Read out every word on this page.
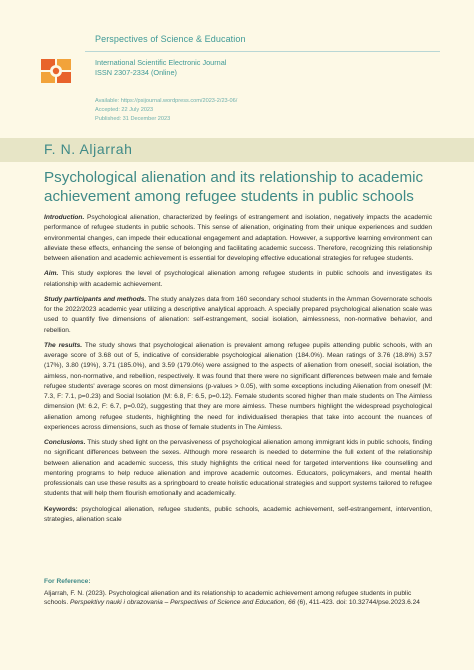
Perspectives of Science & Education
International Scientific Electronic Journal
ISSN 2307-2334 (Online)
Available: https://psijournal.wordpress.com/2023-2/23-06/
Accepted: 22 July 2023
Published: 31 December 2023
F. N. Aljarrah
Psychological alienation and its relationship to academic achievement among refugee students in public schools

Introduction. Psychological alienation, characterized by feelings of estrangement and isolation, negatively impacts the academic performance of refugee students in public schools. This sense of alienation, originating from their unique experiences and sudden environmental changes, can impede their educational engagement and adaptation. However, a supportive learning environment can alleviate these effects, enhancing the sense of belonging and facilitating academic success. Therefore, recognizing this relationship between alienation and academic achievement is essential for developing effective educational strategies for refugee students.

Aim. This study explores the level of psychological alienation among refugee students in public schools and investigates its relationship with academic achievement.

Study participants and methods. The study analyzes data from 160 secondary school students in the Amman Governorate schools for the 2022/2023 academic year utilizing a descriptive analytical approach. A specially prepared psychological alienation scale was used to quantify five dimensions of alienation: self-estrangement, social isolation, aimlessness, non-normative behavior, and rebellion.

The results. The study shows that psychological alienation is prevalent among refugee pupils attending public schools, with an average score of 3.68 out of 5, indicative of considerable psychological alienation (184.0%). Mean ratings of 3.76 (18.8%) 3.57 (17%), 3.80 (19%), 3.71 (185.0%), and 3.59 (179.0%) were assigned to the aspects of alienation from oneself, social isolation, the aimless, non-normative, and rebellion, respectively. It was found that there were no significant differences between male and female refugee students' average scores on most dimensions (p-values > 0.05), with some exceptions including Alienation from oneself (M: 7.3, F: 7.1, p=0.23) and Social Isolation (M: 6.8, F: 6.5, p=0.12). Female students scored higher than male students on The Aimless dimension (M: 6.2, F: 6.7, p=0.02), suggesting that they are more aimless. These numbers highlight the widespread psychological alienation among refugee students, highlighting the need for individualised therapies that take into account the nuances of experiences across dimensions, such as those of female students in The Aimless.

Conclusions. This study shed light on the pervasiveness of psychological alienation among immigrant kids in public schools, finding no significant differences between the sexes. Although more research is needed to determine the full extent of the relationship between alienation and academic success, this study highlights the critical need for targeted interventions like counselling and mentoring programs to help reduce alienation and improve academic outcomes. Educators, policymakers, and mental health professionals can use these results as a springboard to create holistic educational strategies and support systems tailored to refugee students that will help them flourish emotionally and academically.

Keywords: psychological alienation, refugee students, public schools, academic achievement, self-estrangement, intervention, strategies, alienation scale

For Reference:
Aljarrah, F. N. (2023). Psychological alienation and its relationship to academic achievement among refugee students in public schools. Perspektivy nauki i obrazovania – Perspectives of Science and Education, 66 (6), 411-423. doi: 10.32744/pse.2023.6.24
